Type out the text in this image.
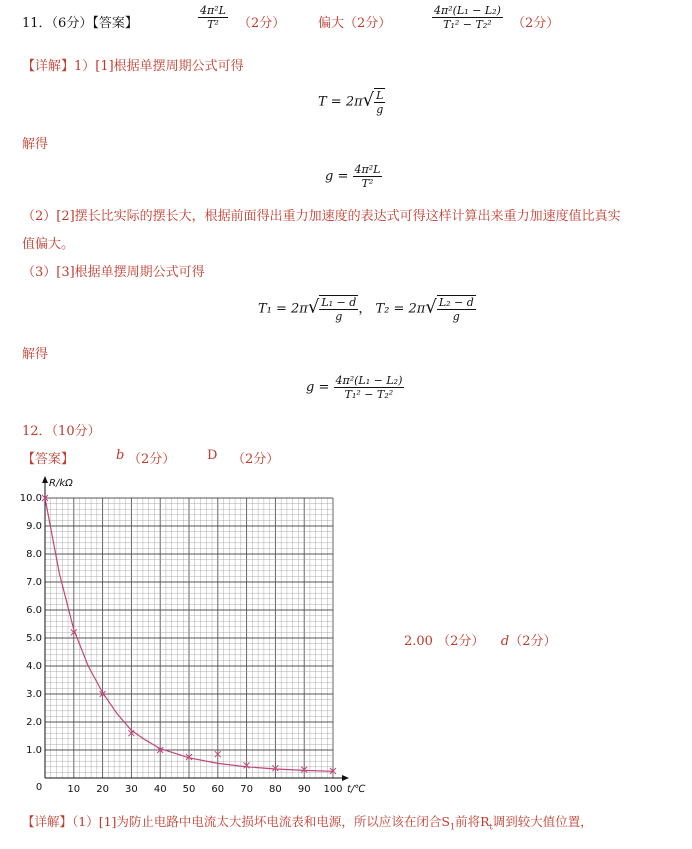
11．（6分）【答案】	$\frac{\text{4π²L}}{\text{T²}} (2$分）	偏大（2分）	$\frac{\text{4π²(L₁ − L₂)}}{\text{T₁² − T₂²}} (2$分）
【详解】1）[1]根据单摆周期公式可得
$T = 2\pi√ \frac{L}{g}$
解得
$g = \frac{\text{4π²L}}{\text{T²}}$
（2）[2]摆长比实际的摆长大，根据前面得出重力加速度的表达式可得这样计算出来重力加速度值比真实
值偏大。
（3）[3]根据单摆周期公式可得
$T_1 = 2\pi√ \frac{\text{L₁ − d}}{g}$ ， $T_2 = 2\pi√ \frac{\text{L₂ − d}}{g}$
解得
$g = \frac{\text{4π²(L₁ − L₂)}}{\text{T₁² − T₂²}}$
12．（10分）
【答案】	b （2分） D （2分）
2.00 （2分） d（2分）
10 20 30 40 50 60 70 80 90 100
1.0
2.0
3.0
4.0
5.0
6.0
7.0
8.0
9.0
10.0
0	t/℃
R/kΩ
【详解】（1）[1]为防止电路中电流太大损坏电流表和电源，所以应该在闭合$S_1$前将$R_t$调到较大值位置，
